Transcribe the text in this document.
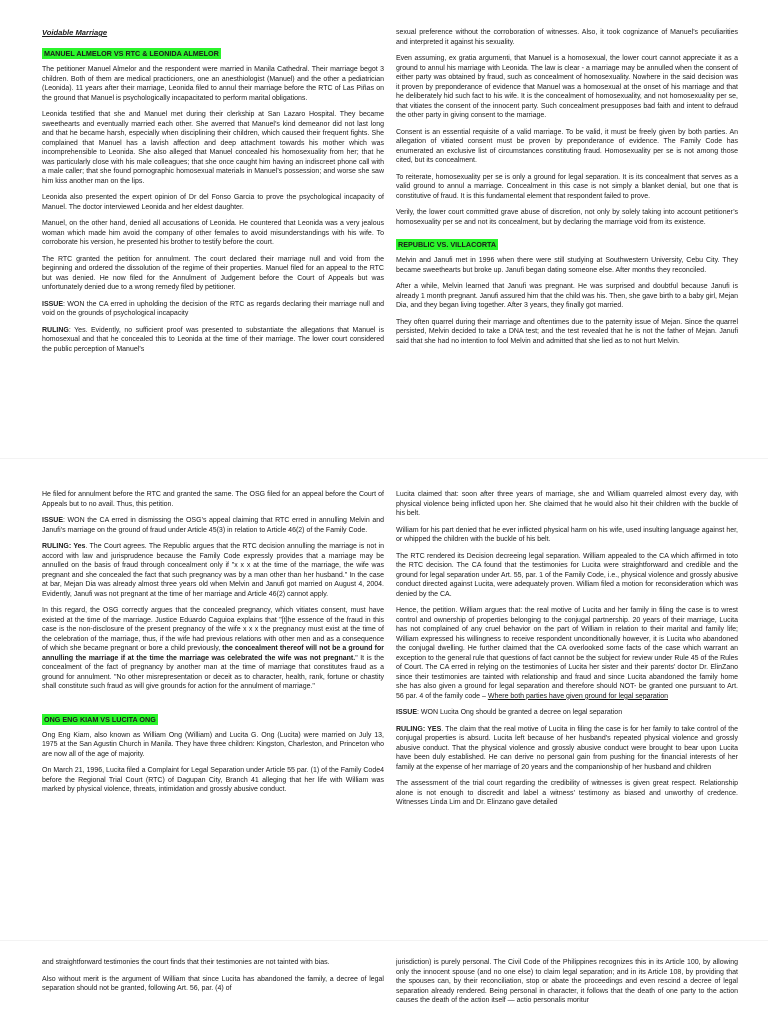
Voidable Marriage
MANUEL ALMELOR VS RTC & LEONIDA ALMELOR

The petitioner Manuel Almelor and the respondent were married in Manila Cathedral. Their marriage begot 3 children. Both of them are medical practicioners, one an anesthiologist (Manuel) and the other a pediatrician (Leonida). 11 years after their marriage, Leonida filed to annul their marriage before the RTC of Las Piñas on the ground that Manuel is psychologically incapacitated to perform marital obligations.

Leonida testified that she and Manuel met during their clerkship at San Lazaro Hospital. They became sweethearts and eventually married each other. She averred that Manuel’s kind demeanor did not last long and that he became harsh, especially when disciplining their children, which caused their frequent fights. She complained that Manuel has a lavish affection and deep attachment towards his mother which was incomprehensible to Leonida. She also alleged that Manuel concealed his homosexuality from her; that he was particularly close with his male colleagues; that she once caught him having an indiscreet phone call with a male caller; that she found pornographic homosexual materials in Manuel’s possession; and worse she saw him kiss another man on the lips.

Leonida also presented the expert opinion of Dr del Fonso Garcia to prove the psychological incapacity of Manuel. The doctor interviewed Leonida and her eldest daughter.

Manuel, on the other hand, denied all accusations of Leonida. He countered that Leonida was a very jealous woman which made him avoid the company of other females to avoid misunderstandings with his wife. To corroborate his version, he presented his brother to testify before the court.

The RTC granted the petition for annulment. The court declared their marriage null and void from the beginning and ordered the dissolution of the regime of their properties. Manuel filed for an appeal to the RTC but was denied. He now filed for the Annulment of Judgement before the Court of Appeals but was unfortunately denied due to a wrong remedy filed by petitioner.

ISSUE: WON the CA erred in upholding the decision of the RTC as regards declaring their marriage null and void on the grounds of psychological incapacity

RULING: Yes. Evidently, no sufficient proof was presented to substantiate the allegations that Manuel is homosexual and that he concealed this to Leonida at the time of their marriage. The lower court considered the public perception of Manuel’s

sexual preference without the corroboration of witnesses. Also, it took cognizance of Manuel’s peculiarities and interpreted it against his sexuality.

Even assuming, ex gratia argumenti, that Manuel is a homosexual, the lower court cannot appreciate it as a ground to annul his marriage with Leonida. The law is clear - a marriage may be annulled when the consent of either party was obtained by fraud, such as concealment of homosexuality. Nowhere in the said decision was it proven by preponderance of evidence that Manuel was a homosexual at the onset of his marriage and that he deliberately hid such fact to his wife. It is the concealment of homosexuality, and not homosexuality per se, that vitiates the consent of the innocent party. Such concealment presupposes bad faith and intent to defraud the other party in giving consent to the marriage.

Consent is an essential requisite of a valid marriage. To be valid, it must be freely given by both parties. An allegation of vitiated consent must be proven by preponderance of evidence. The Family Code has enumerated an exclusive list of circumstances constituting fraud. Homosexuality per se is not among those cited, but its concealment.

To reiterate, homosexuality per se is only a ground for legal separation. It is its concealment that serves as a valid ground to annul a marriage. Concealment in this case is not simply a blanket denial, but one that is constitutive of fraud. It is this fundamental element that respondent failed to prove.

Verily, the lower court committed grave abuse of discretion, not only by solely taking into account petitioner’s homosexuality per se and not its concealment, but by declaring the marriage void from its existence.

REPUBLIC VS. VILLACORTA

Melvin and Janufi met in 1996 when there were still studying at Southwestern University, Cebu City. They became sweethearts but broke up. Janufi began dating someone else. After months they reconciled.

After a while, Melvin learned that Janufi was pregnant. He was surprised and doubtful because Janufi is already 1 month pregnant. Janufi assured him that the child was his. Then, she gave birth to a baby girl, Mejan Dia, and they began living together. After 3 years, they finally got married.

They often quarrel during their marriage and oftentimes due to the paternity issue of Mejan. Since the quarrel persisted, Melvin decided to take a DNA test; and the test revealed that he is not the father of Mejan. Janufi said that she had no intention to fool Melvin and admitted that she lied as to not hurt Melvin.

He filed for annulment before the RTC and granted the same. The OSG filed for an appeal before the Court of Appeals but to no avail. Thus, this petition.

ISSUE: WON the CA erred in dismissing the OSG’s appeal claiming that RTC erred in annulling Melvin and Janufi’s marriage on the ground of fraud under Article 45(3) in relation to Article 46(2) of the Family Code.

RULING: Yes. The Court agrees. The Republic argues that the RTC decision annulling the marriage is not in accord with law and jurisprudence because the Family Code expressly provides that a marriage may be annulled on the basis of fraud through concealment only if "x x x at the time of the marriage, the wife was pregnant and she concealed the fact that such pregnancy was by a man other than her husband." In the case at bar, Mejan Dia was already almost three years old when Melvin and Janufi got married on August 4, 2004. Evidently, Janufi was not pregnant at the time of her marriage and Article 46(2) cannot apply.

In this regard, the OSG correctly argues that the concealed pregnancy, which vitiates consent, must have existed at the time of the marriage. Justice Eduardo Caguioa explains that "[t]he essence of the fraud in this case is the non-disclosure of the present pregnancy of the wife x x x the pregnancy must exist at the time of the celebration of the marriage, thus, if the wife had previous relations with other men and as a consequence of which she became pregnant or bore a child previously, the concealment thereof will not be a ground for annulling the marriage if at the time the marriage was celebrated the wife was not pregnant." It is the concealment of the fact of pregnancy by another man at the time of marriage that constitutes fraud as a ground for annulment. "No other misrepresentation or deceit as to character, health, rank, fortune or chastity shall constitute such fraud as will give grounds for action for the annulment of marriage."

ONG ENG KIAM VS LUCITA ONG

Ong Eng Kiam, also known as William Ong (William) and Lucita G. Ong (Lucita) were married on July 13, 1975 at the San Agustin Church in Manila. They have three children: Kingston, Charleston, and Princeton who are now all of the age of majority.

On March 21, 1996, Lucita filed a Complaint for Legal Separation under Article 55 par. (1) of the Family Code4 before the Regional Trial Court (RTC) of Dagupan City, Branch 41 alleging that her life with William was marked by physical violence, threats, intimidation and grossly abusive conduct.

Lucita claimed that: soon after three years of marriage, she and William quarreled almost every day, with physical violence being inflicted upon her. She claimed that he would also hit their children with the buckle of his belt.

William for his part denied that he ever inflicted physical harm on his wife, used insulting language against her, or whipped the children with the buckle of his belt.

The RTC rendered its Decision decreeing legal separation. William appealed to the CA which affirmed in toto the RTC decision. The CA found that the testimonies for Lucita were straightforward and credible and the ground for legal separation under Art. 55, par. 1 of the Family Code, i.e., physical violence and grossly abusive conduct directed against Lucita, were adequately proven. William filed a motion for reconsideration which was denied by the CA.

Hence, the petition. William argues that: the real motive of Lucita and her family in filing the case is to wrest control and ownership of properties belonging to the conjugal partnership. 20 years of their marriage, Lucita has not complained of any cruel behavior on the part of William in relation to their marital and family life; William expressed his willingness to receive respondent unconditionally however, it is Lucita who abandoned the conjugal dwelling. He further claimed that the CA overlooked some facts of the case which warrant an exception to the general rule that questions of fact cannot be the subject for review under Rule 45 of the Rules of Court. The CA erred in relying on the testimonies of Lucita her sister and their parents’ doctor Dr. ElinZano since their testimonies are tainted with relationship and fraud and since Lucita abandoned the family home she has also given a ground for legal separation and therefore should NOT- be granted one pursuant to Art. 56 par. 4 of the family code – Where both parties have given ground for legal separation

ISSUE: WON Lucita Ong should be granted a decree on legal separation

RULING: YES. The claim that the real motive of Lucita in filing the case is for her family to take control of the conjugal properties is absurd. Lucita left because of her husband’s repeated physical violence and grossly abusive conduct. That the physical violence and grossly abusive conduct were brought to bear upon Lucita have been duly established. He can derive no personal gain from pushing for the financial interests of her family at the expense of her marriage of 20 years and the companionship of her husband and children

The assessment of the trial court regarding the credibility of witnesses is given great respect. Relationship alone is not enough to discredit and label a witness’ testimony as biased and unworthy of credence. Witnesses Linda Lim and Dr. Elinzano gave detailed

and straightforward testimonies the court finds that their testimonies are not tainted with bias.

Also without merit is the argument of William that since Lucita has abandoned the family, a decree of legal separation should not be granted, following Art. 56, par. (4) of

jurisdiction) is purely personal. The Civil Code of the Philippines recognizes this in its Article 100, by allowing only the innocent spouse (and no one else) to claim legal separation; and in its Article 108, by providing that the spouses can, by their reconciliation, stop or abate the proceedings and even rescind a decree of legal separation already rendered. Being personal in character, it follows that the death of one party to the action causes the death of the action itself — actio personalis moritur
